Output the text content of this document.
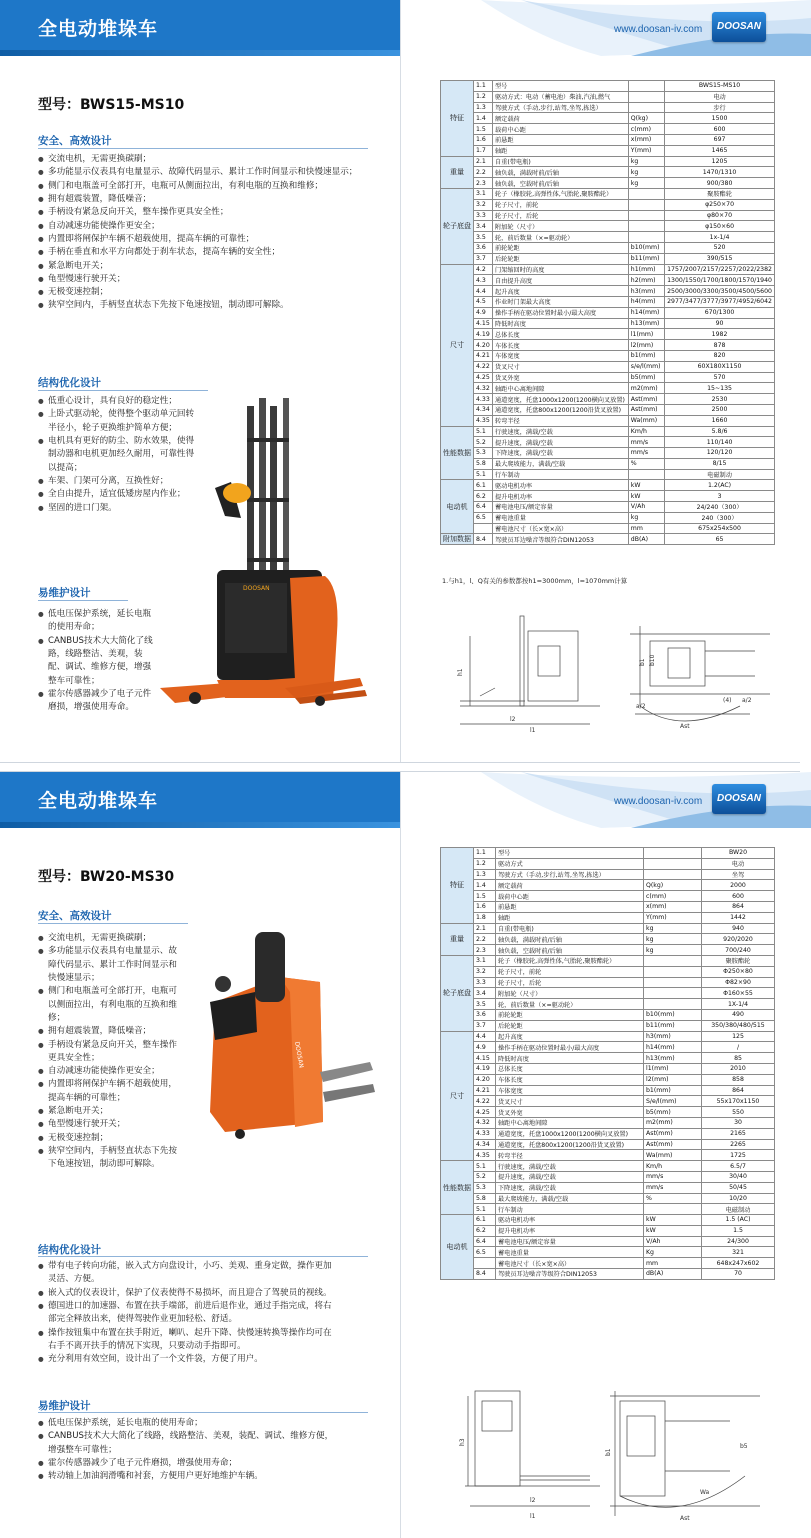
全电动堆垛车	www.doosan-iv.com	DOOSAN
型号：BWS15-MS10
安全、高效设计
● 交流电机，无需更换碳刷；
● 多功能显示仪表具有电量显示、故障代码显示、累计工作时间显示和快慢速显示；
● 侧门和电瓶盖可全部打开，电瓶可从侧面拉出，有利电瓶的互换和维修；
● 拥有超震装置，降低噪音；
● 手柄设有紧急反向开关，整车操作更具安全性；
● 自动减速功能使操作更安全；
● 内置即将闸保护车辆不超载使用，提高车辆的可靠性；
● 手柄在垂直和水平方向都处于刹车状态，提高车辆的安全性；
● 紧急断电开关；
● 龟型慢速行驶开关；
● 无极变速控制；
● 狭窄空间内，手柄竖直状态下先按下龟速按钮，制动即可解除。
结构优化设计
● 低重心设计，具有良好的稳定性；
● 上卧式驱动轮，使得整个驱动单元回转半径小，轮子更换维护简单方便；
● 电机具有更好的防尘、防水效果，使得制动器和电机更加经久耐用，可靠性得以提高；
● 车架、门架可分离，互换性好；
● 全自由提升，适宜低矮房屋内作业；
● 坚固的进口门架。
易维护设计
● 低电压保护系统，延长电瓶的使用寿命；
● CANBUS技术大大简化了线路，线路整洁、美观，装配、调试、维修方便，增强整车可靠性；
● 霍尔传感器减少了电子元件磨损，增强使用寿命。
DOOSAN
特征	1.1	型号		BWS15-MS10
	1.2	驱动方式：电动（蓄电池）柴油,汽油,燃气		电动
	1.3	驾驶方式（手动,步行,站驾,坐驾,拣选）		步行
	1.4	额定载荷	Q(kg)	1500
	1.5	载荷中心距	c(mm)	600
	1.6	前悬距	x(mm)	697
	1.7	轴距	Y(mm)	1465
重量	2.1	自重(带电瓶)	kg	1205
	2.2	轴负载，满载时前/后轴	kg	1470/1310
	2.3	轴负载，空载时前/后轴	kg	900/380
轮子底盘	3.1	轮子（橡胶轮,高弹性体,气胎轮,聚胺酯轮）		聚胺酯轮
	3.2	轮子尺寸，前轮		φ250×70
	3.3	轮子尺寸，后轮		φ80×70
	3.4	附加轮（尺寸）		φ150×60
	3.5	轮，前后数量（×=驱动轮）		1x-1/4
	3.6	前轮轮距	b10(mm)	520
	3.7	后轮轮距	b11(mm)	390/515
尺寸	4.2	门架缩回时的高度	h1(mm)	1757/2007/2157/2257/2022/2382
	4.3	自由提升高度	h2(mm)	1300/1550/1700/1800/1570/1940
	4.4	起升高度	h3(mm)	2500/3000/3300/3500/4500/5600
	4.5	作业时门架最大高度	h4(mm)	2977/3477/3777/3977/4952/6042
	4.9	操作手柄在驱动位置时最小/最大高度	h14(mm)	670/1300
	4.15	降低时高度	h13(mm)	90
	4.19	总体长度	l1(mm)	1982
	4.20	车体长度	l2(mm)	878
	4.21	车体宽度	b1(mm)	820
	4.22	货叉尺寸	s/e/l(mm)	60X180X1150
	4.25	货叉外宽	b5(mm)	570
	4.32	轴距中心离地间隙	m2(mm)	15~135
	4.33	通道宽度，托盘1000x1200(1200横向叉放置)	Ast(mm)	2530
	4.34	通道宽度，托盘800x1200(1200沿货叉放置)	Ast(mm)	2500
	4.35	转弯半径	Wa(mm)	1660
性能数据	5.1	行驶速度，满载/空载	Km/h	5.8/6
	5.2	提升速度，满载/空载	mm/s	110/140
	5.3	下降速度，满载/空载	mm/s	120/120
	5.8	最大爬坡能力，满载/空载	%	8/15
	5.1	行车制动		电磁制动
电动机	6.1	驱动电机功率	kW	1.2(AC)
	6.2	提升电机功率	kW	3
	6.4	蓄电池电压/额定容量	V/Ah	24/240（300）
	6.5	蓄电池重量	kg	240（300）
		蓄电池尺寸（长×宽×高）	mm	675x254x500
附加数据	8.4	驾驶员耳边噪音等级符合DIN12053	dB(A)	65
1.与h1，l、Q有关的参数都按h1=3000mm，l=1070mm计算
h1
l2
l1
b1 b10
(4) a/2
Ast
a/2
全电动堆垛车	www.doosan-iv.com	DOOSAN
型号：BW20-MS30
安全、高效设计
● 交流电机，无需更换碳刷；
● 多功能显示仪表具有电量显示、故障代码显示、累计工作时间显示和快慢速显示；
● 侧门和电瓶盖可全部打开，电瓶可以侧面拉出，有利电瓶的互换和维修；
● 拥有超震装置，降低噪音；
● 手柄设有紧急反向开关，整车操作更具安全性；
● 自动减速功能使操作更安全；
● 内置即将闸保护车辆不超载使用，提高车辆的可靠性；
● 紧急断电开关；
● 龟型慢速行驶开关；
● 无极变速控制；
● 狭窄空间内，手柄竖直状态下先按下龟速按钮，制动即可解除。
结构优化设计
● 带有电子转向功能，嵌入式方向盘设计，小巧、美观、重身定做，操作更加灵活、方便。
● 嵌入式的仪表设计，保护了仪表使得不易损坏，而且迎合了驾驶员的视线。
● 德国进口的加速器、布置在扶手端部，前进后退作业，通过手指完成，将右部完全释放出来，使得驾驶作业更加轻松、舒适。
● 操作按钮集中布置在扶手附近，喇叭、起升下降、快慢速转换等操作均可在右手不离开扶手的情况下实现，只要动动手指即可。
● 充分利用有效空间，设计出了一个文件袋，方便了用户。
易维护设计
● 低电压保护系统，延长电瓶的使用寿命；
● CANBUS技术大大简化了线路，线路整洁、美观，装配、调试、维修方便，增强整车可靠性；
● 霍尔传感器减少了电子元件磨损，增强使用寿命；
● 转动轴上加油润滑嘴和衬套，方便用户更好地维护车辆。
DOOSAN
特征	1.1	型号		BW20
	1.2	驱动方式		电动
	1.3	驾驶方式（手动,步行,站驾,坐驾,拣选）		坐驾
	1.4	额定载荷	Q(kg)	2000
	1.5	载荷中心距	c(mm)	600
	1.6	前悬距	x(mm)	864
	1.8	轴距	Y(mm)	1442
重量	2.1	自重(带电瓶)	kg	940
	2.2	轴负载，满载时前/后轴	kg	920/2020
	2.3	轴负载，空载时前/后轴	kg	700/240
轮子底盘	3.1	轮子（橡胶轮,高弹性体,气胎轮,聚胺酯轮）		聚胺酯轮
	3.2	轮子尺寸，前轮		Φ250×80
	3.3	轮子尺寸，后轮		Φ82×90
	3.4	附加轮（尺寸）		Φ160×55
	3.5	轮，前后数量（×=驱动轮）		1X-1/4
	3.6	前轮轮距	b10(mm)	490
	3.7	后轮轮距	b11(mm)	350/380/480/515
尺寸	4.4	起升高度	h3(mm)	125
	4.9	操作手柄在驱动位置时最小/最大高度	h14(mm)	/
	4.15	降低时高度	h13(mm)	85
	4.19	总体长度	l1(mm)	2010
	4.20	车体长度	l2(mm)	858
	4.21	车体宽度	b1(mm)	864
	4.22	货叉尺寸	S/e/l(mm)	55x170x1150
	4.25	货叉外宽	b5(mm)	550
	4.32	轴距中心离地间隙	m2(mm)	30
	4.33	通道宽度，托盘1000x1200(1200横向叉放置)	Ast(mm)	2165
	4.34	通道宽度，托盘800x1200(1200沿货叉放置)	Ast(mm)	2265
	4.35	转弯半径	Wa(mm)	1725
性能数据	5.1	行驶速度，满载/空载	Km/h	6.5/7
	5.2	提升速度，满载/空载	mm/s	30/40
	5.3	下降速度，满载/空载	mm/s	50/45
	5.8	最大爬坡能力，满载/空载	%	10/20
	5.1	行车制动		电磁制动
电动机	6.1	驱动电机功率	kW	1.5 (AC)
	6.2	提升电机功率	kW	1.5
	6.4	蓄电池电压/额定容量	V/Ah	24/300
	6.5	蓄电池重量	Kg	321
		蓄电池尺寸（长×宽×高）	mm	648x247x602
	8.4	驾驶员耳边噪音等级符合DIN12053	dB(A)	70
h3
l2
l1
b1
b5
Ast
Wa
